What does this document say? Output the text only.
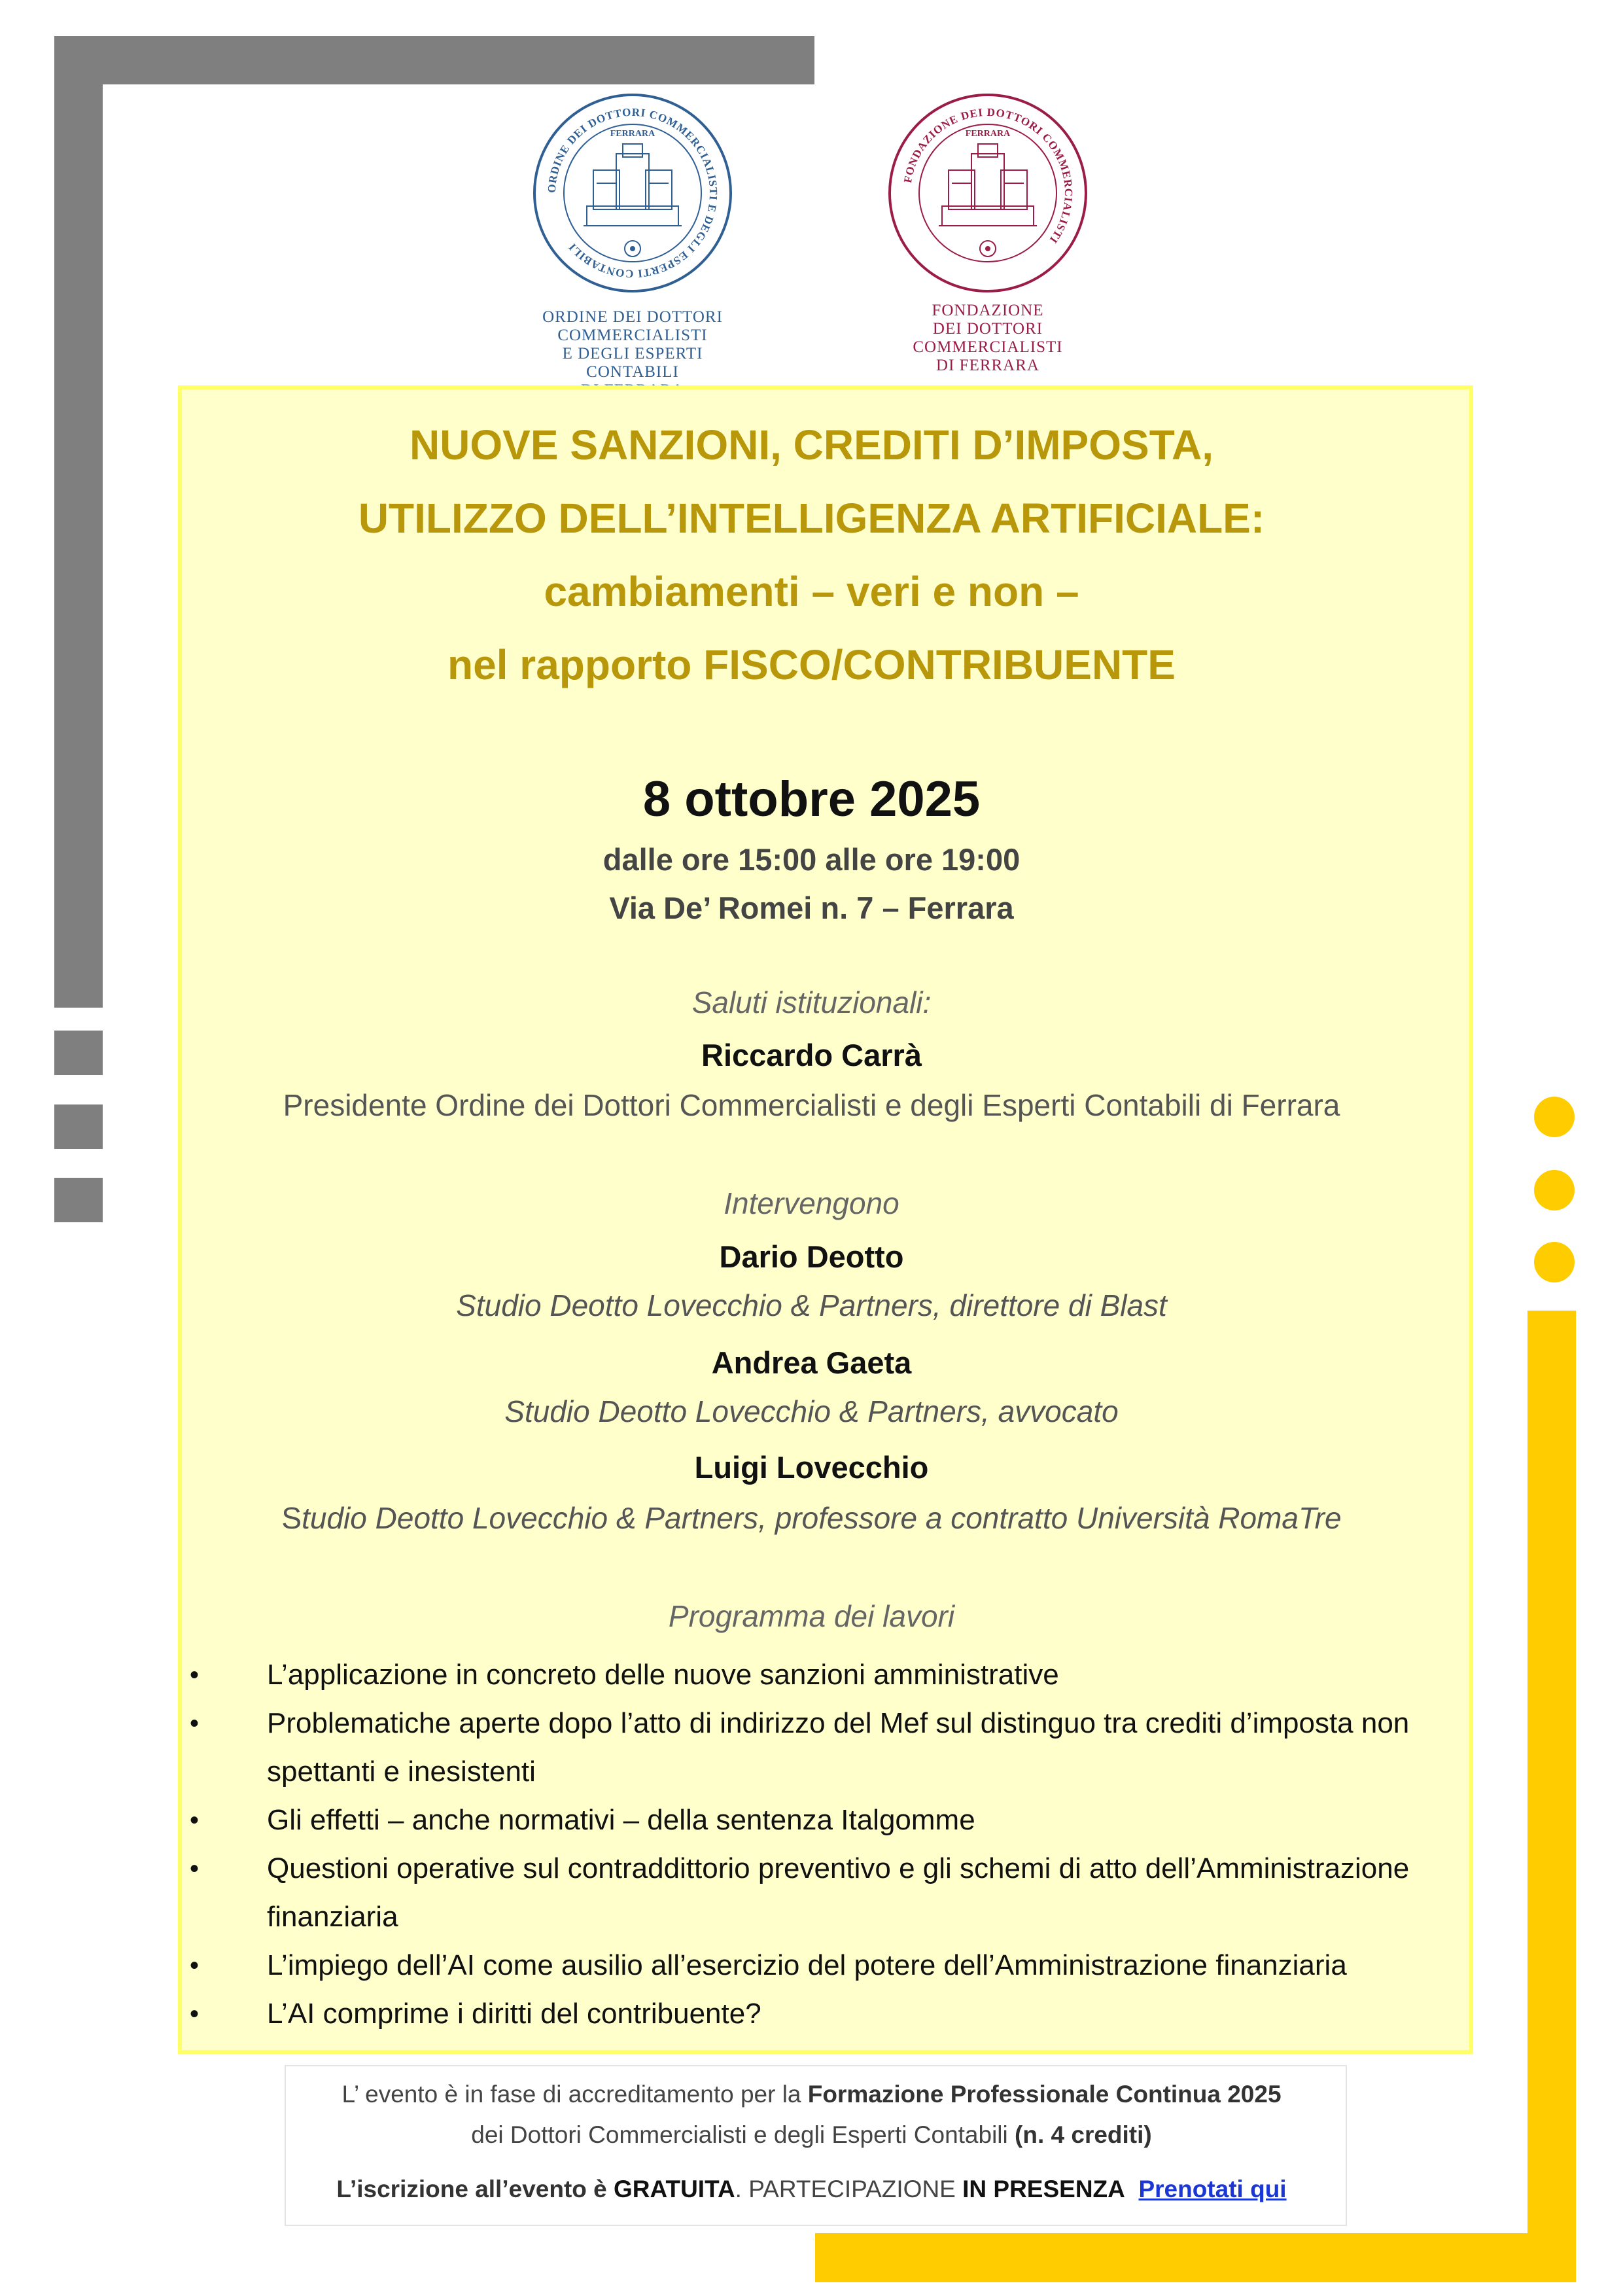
ORDINE DEI DOTTORI COMMERCIALISTI E DEGLI ESPERTI CONTABILI
FERRARA
ORDINE DEI DOTTORI
COMMERCIALISTI
E DEGLI ESPERTI CONTABILI
FONDAZIONE DEI DOTTORI COMMERCIALISTI
FERRARA
FONDAZIONE
DEI DOTTORI
COMMERCIALISTI
DI FERRARA
NUOVE SANZIONI, CREDITI D’IMPOSTA,
UTILIZZO DELL’INTELLIGENZA ARTIFICIALE:
cambiamenti – veri e non –
nel rapporto FISCO/CONTRIBUENTE
8 ottobre 2025
dalle ore 15:00 alle ore 19:00
Via De’ Romei n. 7 – Ferrara
Saluti istituzionali:
Riccardo Carrà
Presidente Ordine dei Dottori Commercialisti e degli Esperti Contabili di Ferrara
Intervengono
Dario Deotto
Studio Deotto Lovecchio & Partners, direttore di Blast
Andrea Gaeta
Studio Deotto Lovecchio & Partners, avvocato
Luigi Lovecchio
Studio Deotto Lovecchio & Partners, professore a contratto Università RomaTre
Programma dei lavori
• L’applicazione in concreto delle nuove sanzioni amministrative
• Problematiche aperte dopo l’atto di indirizzo del Mef sul distinguo tra crediti d’imposta non spettanti e inesistenti
• Gli effetti – anche normativi – della sentenza Italgomme
• Questioni operative sul contraddittorio preventivo e gli schemi di atto dell’Amministrazione finanziaria
• L’impiego dell’AI come ausilio all’esercizio del potere dell’Amministrazione finanziaria
• L’AI comprime i diritti del contribuente?
L’ evento è in fase di accreditamento per la Formazione Professionale Continua 2025
dei Dottori Commercialisti e degli Esperti Contabili (n. 4 crediti)
L’iscrizione all’evento è GRATUITA. PARTECIPAZIONE IN PRESENZA Prenotati qui
